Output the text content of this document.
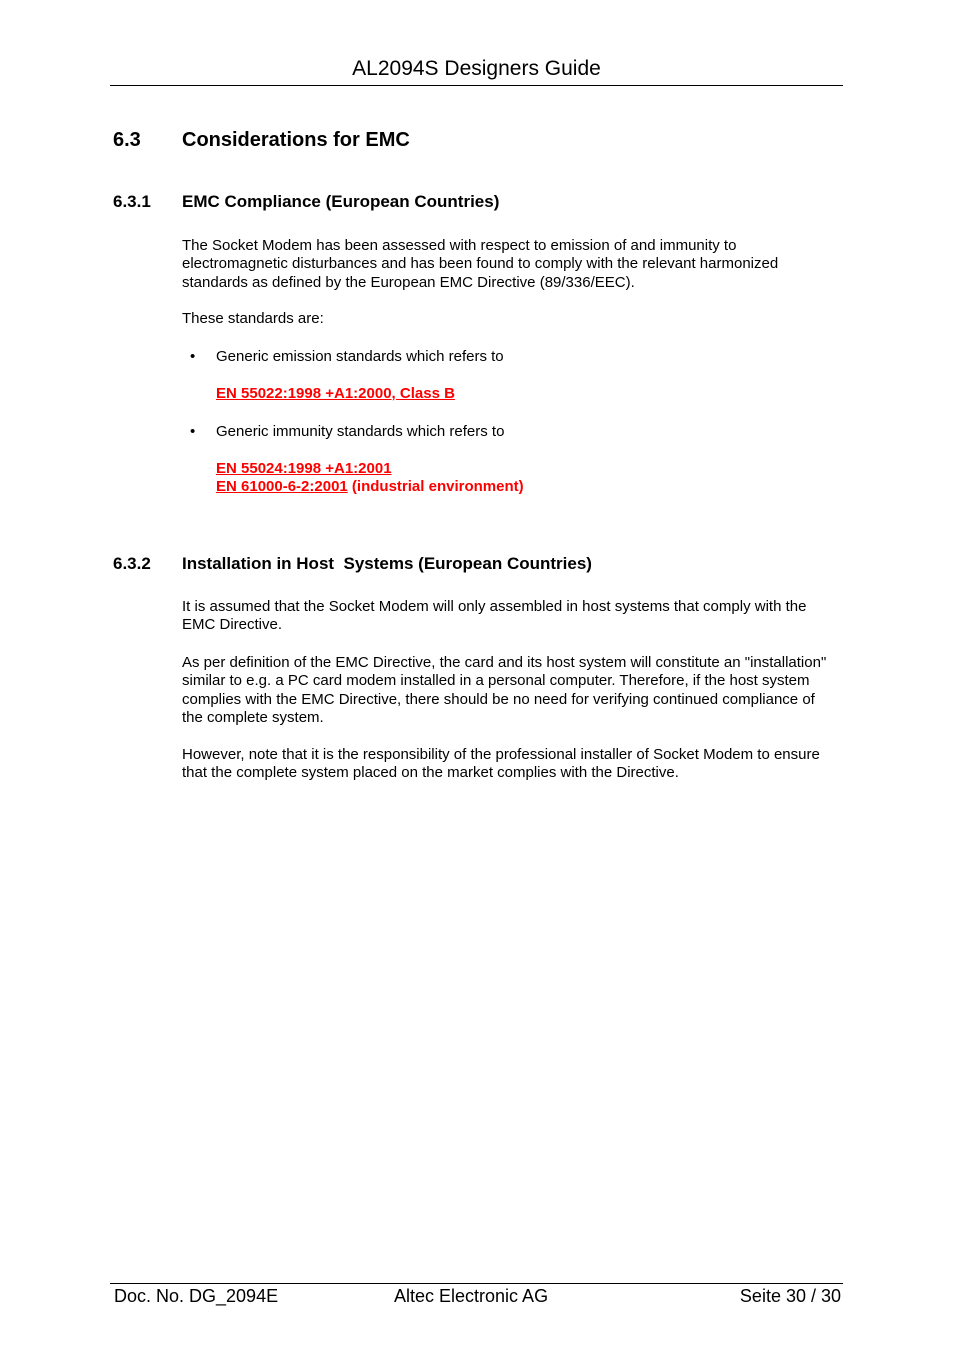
AL2094S Designers Guide
6.3 Considerations for EMC
6.3.1 EMC Compliance (European Countries)
The Socket Modem has been assessed with respect to emission of and immunity to electromagnetic disturbances and has been found to comply with the relevant harmonized standards as defined by the European EMC Directive (89/336/EEC).
These standards are:
• Generic emission standards which refers to
EN 55022:1998 +A1:2000, Class B
• Generic immunity standards which refers to
EN 55024:1998 +A1:2001
EN 61000-6-2:2001 (industrial environment)
6.3.2 Installation in Host  Systems (European Countries)
It is assumed that the Socket Modem will only assembled in host systems that comply with the EMC Directive.
As per definition of the EMC Directive, the card and its host system will constitute an "installation" similar to e.g. a PC card modem installed in a personal computer. Therefore, if the host system complies with the EMC Directive, there should be no need for verifying continued compliance of the complete system.
However, note that it is the responsibility of the professional installer of Socket Modem to ensure that the complete system placed on the market complies with the Directive.
Doc. No. DG_2094E	Altec Electronic AG	Seite 30 / 30
